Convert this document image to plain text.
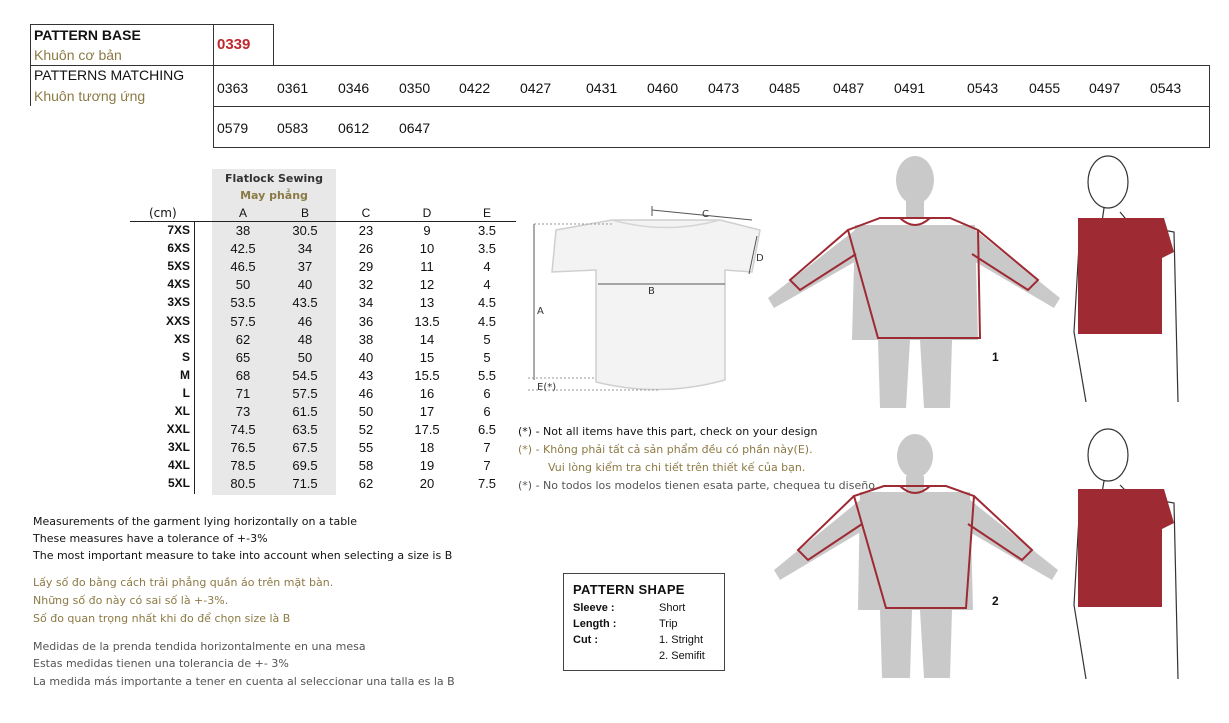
PATTERN BASE
Khuôn cơ bản
0339
PATTERNS MATCHING
Khuôn tương ứng	0363 0361 0346 0350 0422 0427 0431 0460 0473 0485 0487 0491	0543 0455 0497 0543
0579 0583 0612 0647
Flatlock Sewing
May phẳng
(cm)	A	B	C	D	E
7XS	38	30.5	23	9	3.5
6XS	42.5	34	26	10	3.5
5XS	46.5	37	29	11	4
4XS	50	40	32	12	4
3XS	53.5	43.5	34	13	4.5
XXS	57.5	46	36	13.5	4.5
XS	62	48	38	14	5
S	65	50	40	15	5
M	68	54.5	43	15.5	5.5
L	71	57.5	46	16	6
XL	73	61.5	50	17	6
XXL	74.5	63.5	52	17.5	6.5
3XL	76.5	67.5	55	18	7
4XL	78.5	69.5	58	19	7
5XL	80.5	71.5	62	20	7.5
C
D
B
A
E(*)
(*) - Not all items have this part, check on your design
(*) - Không phải tất cả sản phẩm đều có phần này(E).
Vui lòng kiểm tra chi tiết trên thiết kế của bạn.
(*) - No todos los modelos tienen esata parte, chequea tu diseño
Measurements of the garment lying horizontally on a table
These measures have a tolerance of +-3%
The most important measure to take into account when selecting a size is B
Lấy số đo bằng cách trải phẳng quần áo trên mặt bàn.
Những số đo này có sai số là +-3%.
Số đo quan trọng nhất khi đo để chọn size là B
Medidas de la prenda tendida horizontalmente en una mesa
Estas medidas tienen una tolerancia de +- 3%
La medida más importante a tener en cuenta al seleccionar una talla es la B
PATTERN SHAPE
Sleeve :	Short
Length :	Trip
Cut :	1. Stright
2. Semifit
1
2
